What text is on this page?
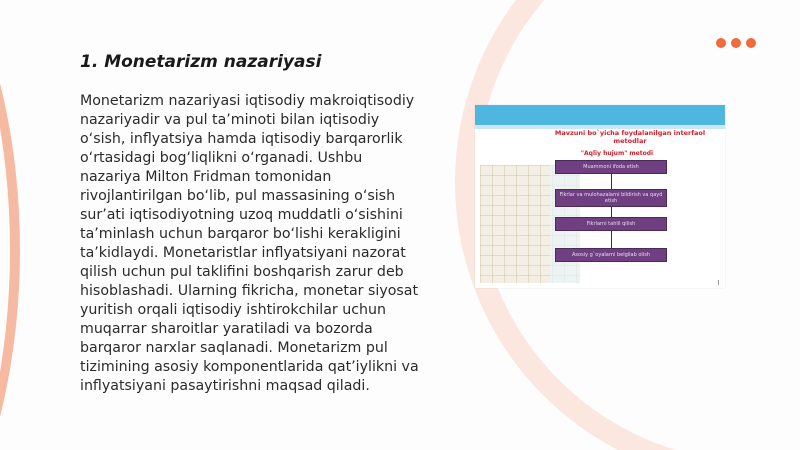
1. Monetarizm nazariyasi

Monetarizm nazariyasi iqtisodiy makroiqtisodiy nazariyadir va pul ta’minoti bilan iqtisodiy o‘sish, inflyatsiya hamda iqtisodiy barqarorlik o‘rtasidagi bog‘liqlikni o‘rganadi. Ushbu nazariya Milton Fridman tomonidan rivojlantirilgan bo‘lib, pul massasining o‘sish sur’ati iqtisodiyotning uzoq muddatli o‘sishini ta’minlash uchun barqaror bo‘lishi kerakligini ta’kidlaydi. Monetaristlar inflyatsiyani nazorat qilish uchun pul taklifini boshqarish zarur deb hisoblashadi. Ularning fikricha, monetar siyosat yuritish orqali iqtisodiy ishtirokchilar uchun muqarrar sharoitlar yaratiladi va bozorda barqaror narxlar saqlanadi. Monetarizm pul tizimining asosiy komponentlarida qat’iylikni va inflyatsiyani pasaytirishni maqsad qiladi.

Mavzuni bo`yicha foydalanilgan interfaol metodlar
"Aqliy hujum" metodi
Muammoni ifoda etish
Fikrlar va mulohazalarni bildirish va qayd etish
Fikrlarni tahlil qilish
Asosiy g`oyalarni belgilab olish
